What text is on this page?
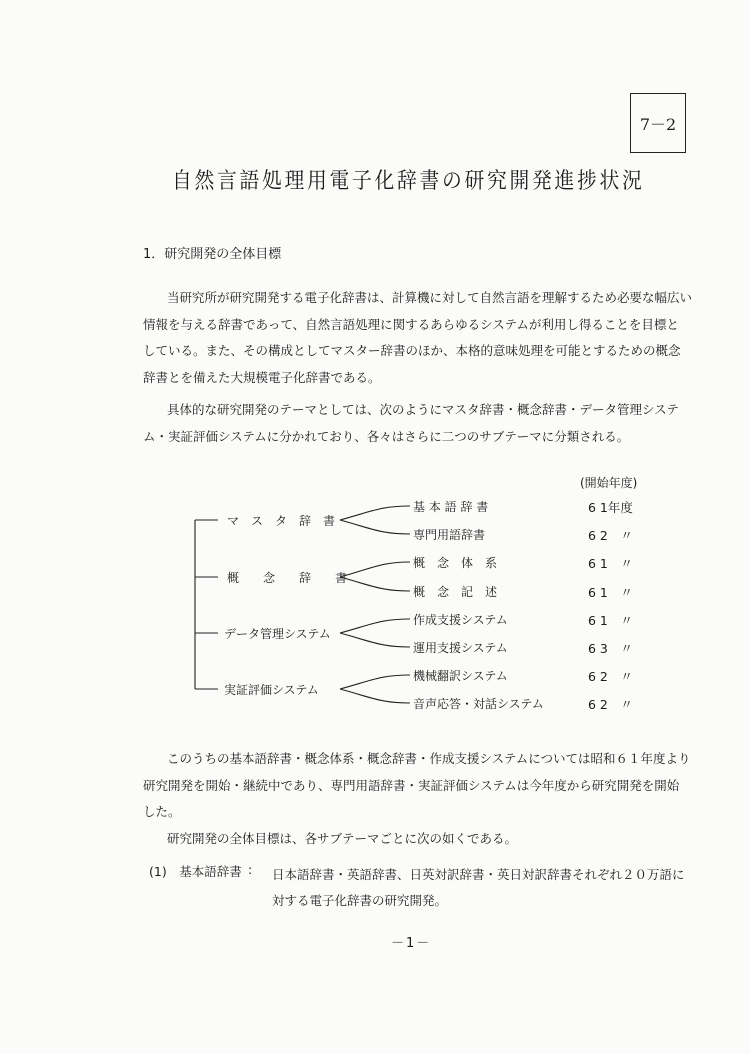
7－2
自然言語処理用電子化辞書の研究開発進捗状況
1．研究開発の全体目標
当研究所が研究開発する電子化辞書は、計算機に対して自然言語を理解するため必要な幅広い
情報を与える辞書であって、自然言語処理に関するあらゆるシステムが利用し得ることを目標と
している。また、その構成としてマスター辞書のほか、本格的意味処理を可能とするための概念
辞書とを備えた大規模電子化辞書である。
具体的な研究開発のテーマとしては、次のようにマスタ辞書・概念辞書・データ管理システ
ム・実証評価システムに分かれており、各々はさらに二つのサブテーマに分類される。
(開始年度)
マ　ス　タ　辞　書
概　　念　　辞　　書
データ管理システム
実証評価システム
基 本 語 辞 書
専門用語辞書
概　念　体　系
概　念　記　述
作成支援システム
運用支援システム
機械翻訳システム
音声応答・対話システム
6 1年度
6 2　〃
6 1　〃
6 1　〃
6 1　〃
6 3　〃
6 2　〃
6 2　〃
このうちの基本語辞書・概念体系・概念辞書・作成支援システムについては昭和６１年度より
研究開発を開始・継続中であり、専門用語辞書・実証評価システムは今年度から研究開発を開始
した。
研究開発の全体目標は、各サブテーマごとに次の如くである。
(1)　基本語辞書 : 日本語辞書・英語辞書、日英対訳辞書・英日対訳辞書それぞれ２０万語に
対する電子化辞書の研究開発。
－1－
